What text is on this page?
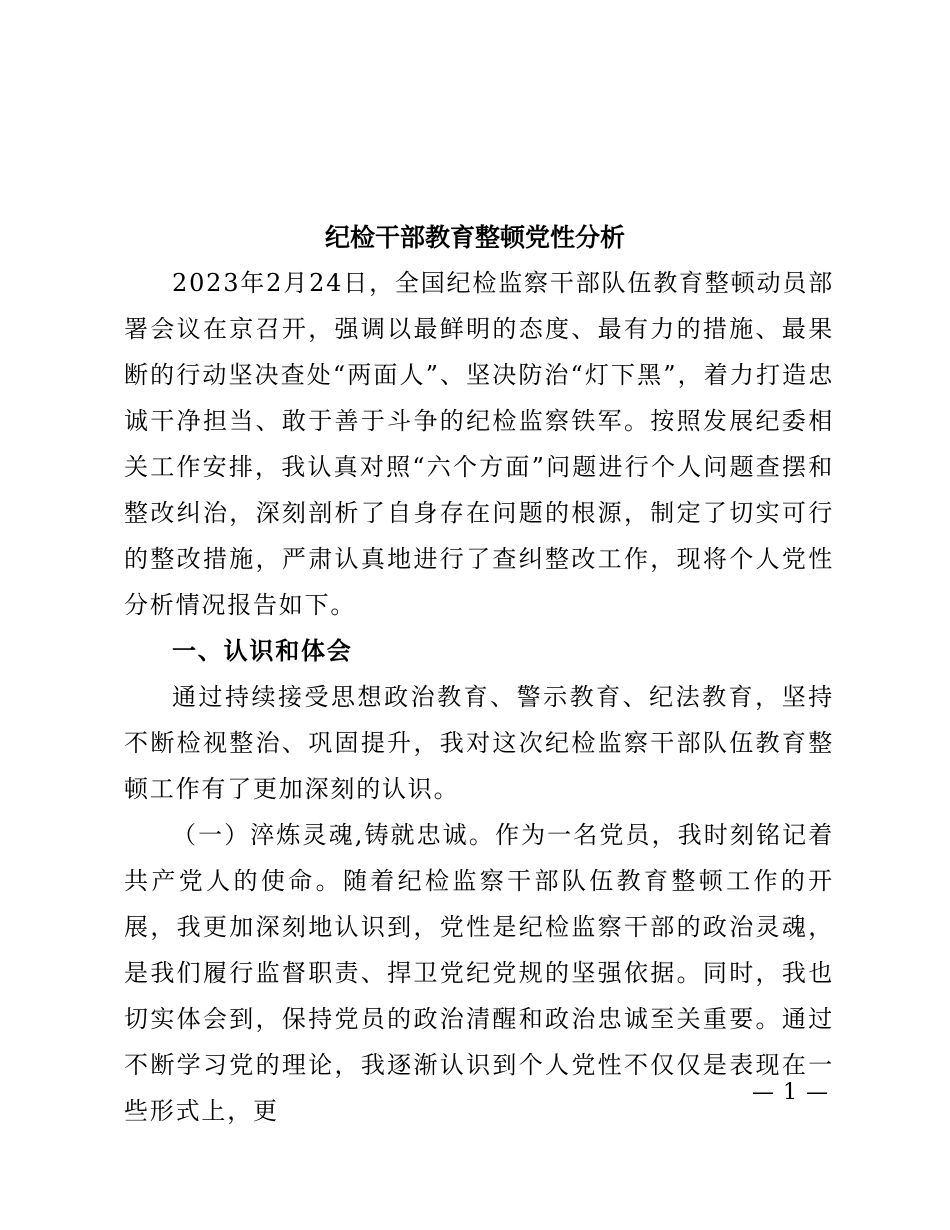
纪检干部教育整顿党性分析

2023年2月24日，全国纪检监察干部队伍教育整顿动员部署会议在京召开，强调以最鲜明的态度、最有力的措施、最果断的行动坚决查处“两面人”、坚决防治“灯下黑”，着力打造忠诚干净担当、敢于善于斗争的纪检监察铁军。按照发展纪委相关工作安排，我认真对照“六个方面”问题进行个人问题查摆和整改纠治，深刻剖析了自身存在问题的根源，制定了切实可行的整改措施，严肃认真地进行了查纠整改工作，现将个人党性分析情况报告如下。

一、认识和体会

通过持续接受思想政治教育、警示教育、纪法教育，坚持不断检视整治、巩固提升，我对这次纪检监察干部队伍教育整顿工作有了更加深刻的认识。

（一）淬炼灵魂,铸就忠诚。作为一名党员，我时刻铭记着共产党人的使命。随着纪检监察干部队伍教育整顿工作的开展，我更加深刻地认识到，党性是纪检监察干部的政治灵魂，是我们履行监督职责、捍卫党纪党规的坚强依据。同时，我也切实体会到，保持党员的政治清醒和政治忠诚至关重要。通过不断学习党的理论，我逐渐认识到个人党性不仅仅是表现在一些形式上，更

— 1 —
